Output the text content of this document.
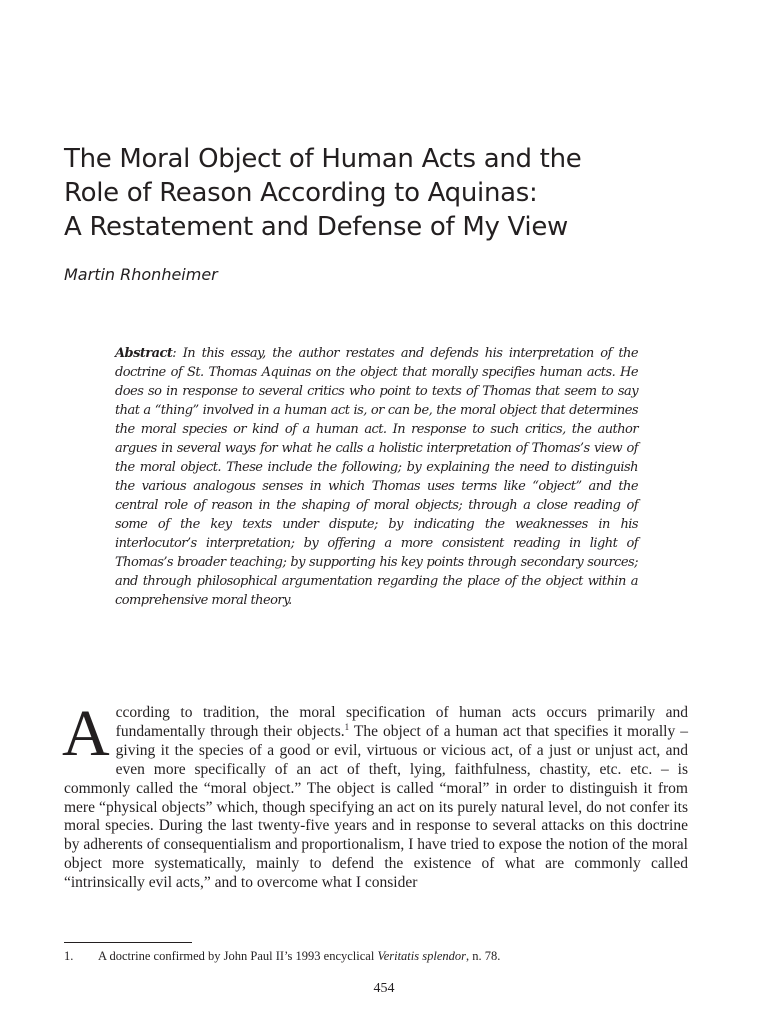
The Moral Object of Human Acts and the
Role of Reason According to Aquinas:
A Restatement and Defense of My View

Martin Rhonheimer

Abstract: In this essay, the author restates and defends his interpretation of the doctrine of St. Thomas Aquinas on the object that morally specifies human acts. He does so in response to several critics who point to texts of Thomas that seem to say that a “thing” involved in a human act is, or can be, the moral object that determines the moral species or kind of a human act. In response to such critics, the author argues in several ways for what he calls a holistic interpretation of Thomas’s view of the moral object. These include the following; by explaining the need to distinguish the various analogous senses in which Thomas uses terms like “object” and the central role of reason in the shaping of moral objects; through a close reading of some of the key texts under dispute; by indicating the weaknesses in his interlocutor’s interpretation; by offering a more consistent reading in light of Thomas’s broader teaching; by supporting his key points through secondary sources; and through philosophical argumentation regarding the place of the object within a comprehensive moral theory.

According to tradition, the moral specification of human acts occurs primarily and fundamentally through their objects.$^1$ The object of a human act that specifies it morally – giving it the species of a good or evil, virtuous or vicious act, of a just or unjust act, and even more specifically of an act of theft, lying, faithfulness, chastity, etc. etc. – is commonly called the “moral object.” The object is called “moral” in order to distinguish it from mere “physical objects” which, though specifying an act on its purely natural level, do not confer its moral species. During the last twenty-five years and in response to several attacks on this doctrine by adherents of consequentialism and proportionalism, I have tried to expose the notion of the moral object more systematically, mainly to defend the existence of what are commonly called “intrinsically evil acts,” and to overcome what I consider

1. A doctrine confirmed by John Paul II’s 1993 encyclical Veritatis splendor, n. 78.

454
